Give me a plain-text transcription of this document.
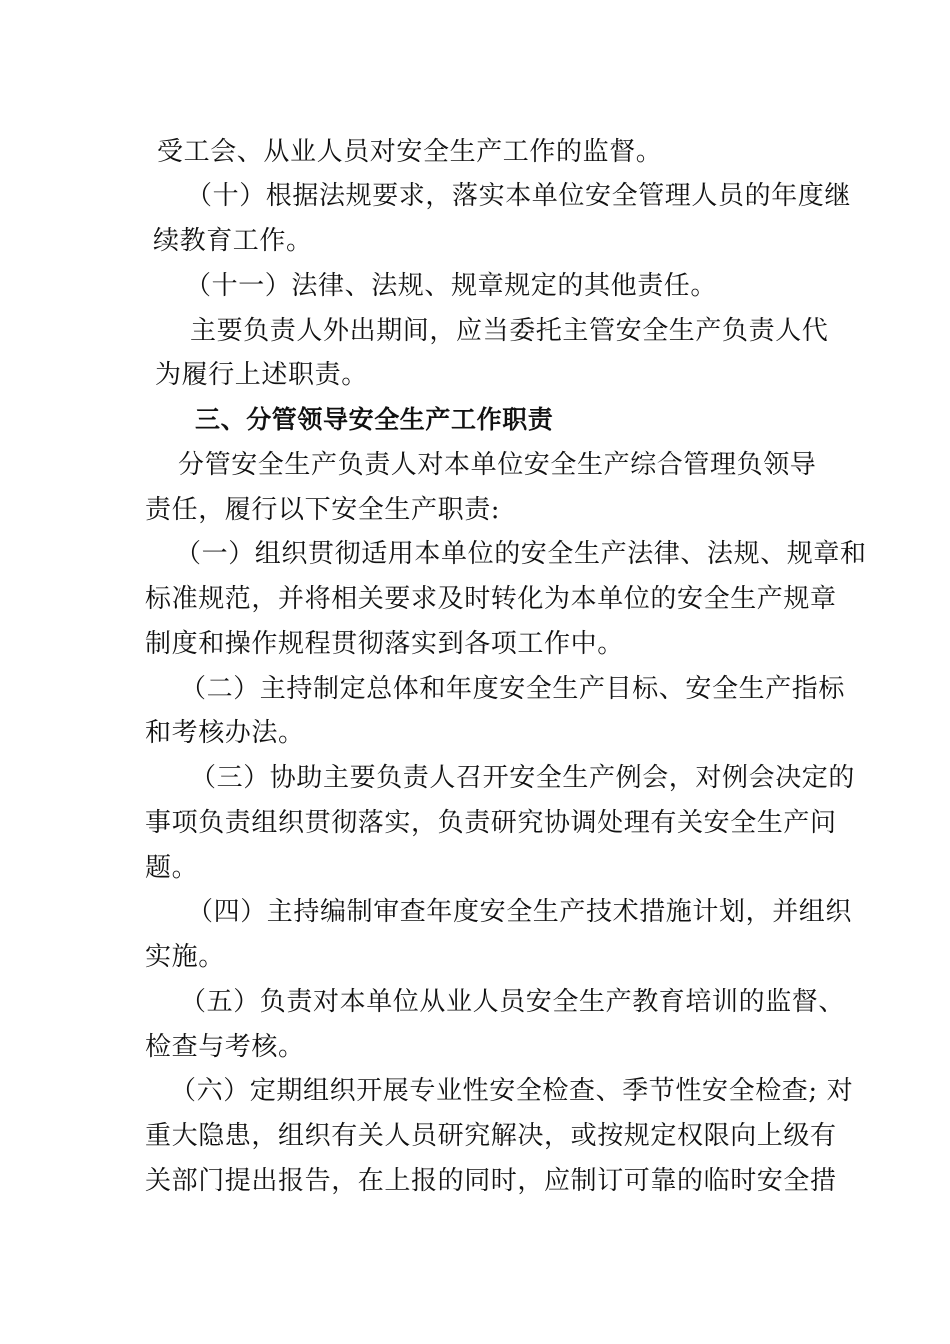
受工会、从业人员对安全生产工作的监督。
（十）根据法规要求，落实本单位安全管理人员的年度继
续教育工作。
（十一）法律、法规、规章规定的其他责任。
主要负责人外出期间，应当委托主管安全生产负责人代
为履行上述职责。
三、分管领导安全生产工作职责
分管安全生产负责人对本单位安全生产综合管理负领导
责任，履行以下安全生产职责:
（一）组织贯彻适用本单位的安全生产法律、法规、规章和
标准规范，并将相关要求及时转化为本单位的安全生产规章
制度和操作规程贯彻落实到各项工作中。
（二）主持制定总体和年度安全生产目标、安全生产指标
和考核办法。
（三）协助主要负责人召开安全生产例会，对例会决定的
事项负责组织贯彻落实，负责研究协调处理有关安全生产问
题。
（四）主持编制审查年度安全生产技术措施计划，并组织
实施。
（五）负责对本单位从业人员安全生产教育培训的监督、
检查与考核。
（六）定期组织开展专业性安全检查、季节性安全检查; 对
重大隐患，组织有关人员研究解决，或按规定权限向上级有
关部门提出报告，在上报的同时，应制订可靠的临时安全措
